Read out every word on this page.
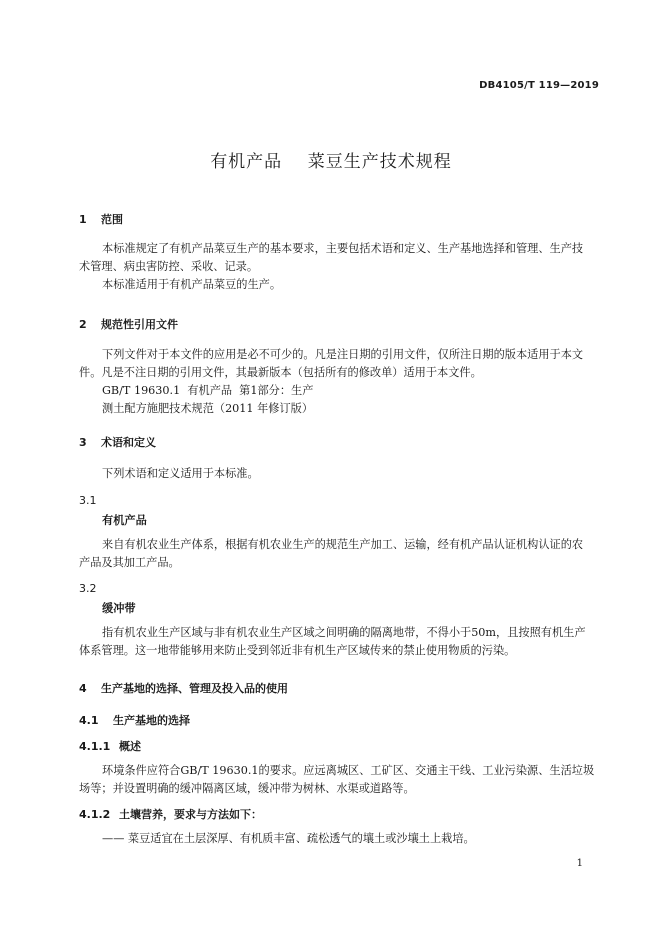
DB4105/T 119—2019
有机产品    菜豆生产技术规程
1 范围
本标准规定了有机产品菜豆生产的基本要求，主要包括术语和定义、生产基地选择和管理、生产技
术管理、病虫害防控、采收、记录。
本标准适用于有机产品菜豆的生产。
2 规范性引用文件
下列文件对于本文件的应用是必不可少的。凡是注日期的引用文件，仅所注日期的版本适用于本文
件。凡是不注日期的引用文件，其最新版本（包括所有的修改单）适用于本文件。
GB/T 19630.1  有机产品  第1部分：生产
测土配方施肥技术规范（2011 年修订版）
3 术语和定义
下列术语和定义适用于本标准。
3.1
有机产品
来自有机农业生产体系，根据有机农业生产的规范生产加工、运输，经有机产品认证机构认证的农
产品及其加工产品。
3.2
缓冲带
指有机农业生产区域与非有机农业生产区域之间明确的隔离地带，不得小于50m，且按照有机生产
体系管理。这一地带能够用来防止受到邻近非有机生产区域传来的禁止使用物质的污染。
4 生产基地的选择、管理及投入品的使用
4.1 生产基地的选择
4.1.1 概述
环境条件应符合GB/T 19630.1的要求。应远离城区、工矿区、交通主干线、工业污染源、生活垃圾
场等；并设置明确的缓冲隔离区域，缓冲带为树林、水渠或道路等。
4.1.2 土壤营养，要求与方法如下：
—— 菜豆适宜在土层深厚、有机质丰富、疏松透气的壤土或沙壤土上栽培。
1
